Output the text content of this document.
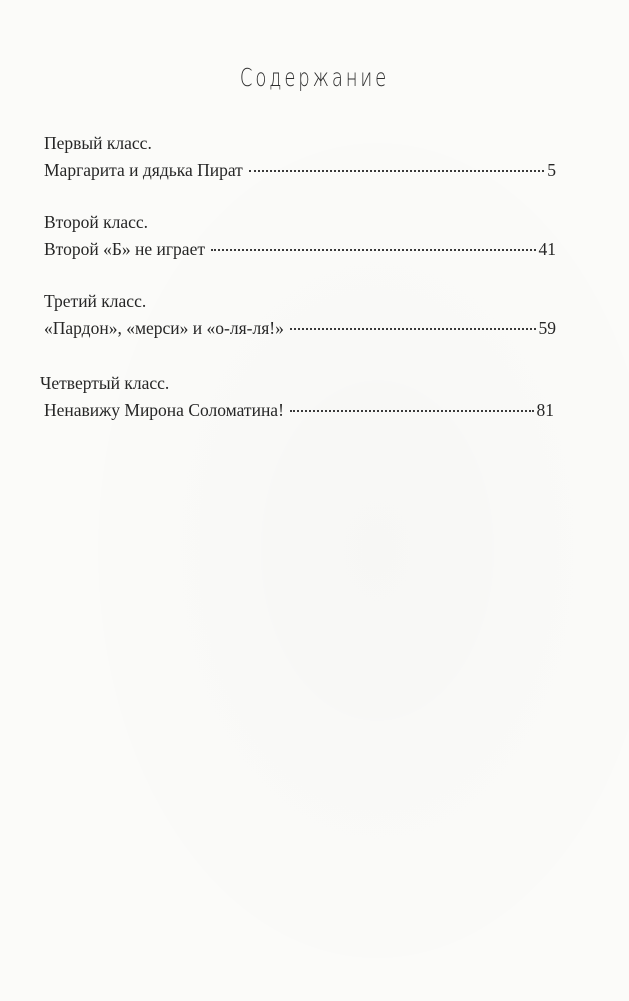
Содержание
Первый класс.
Маргарита и дядька Пират	5
Второй класс.
Второй «Б» не играет	41
Третий класс.
«Пардон», «мерси» и «о-ля-ля!»	59
Четвертый класс.
Ненавижу Мирона Соломатина!	81
